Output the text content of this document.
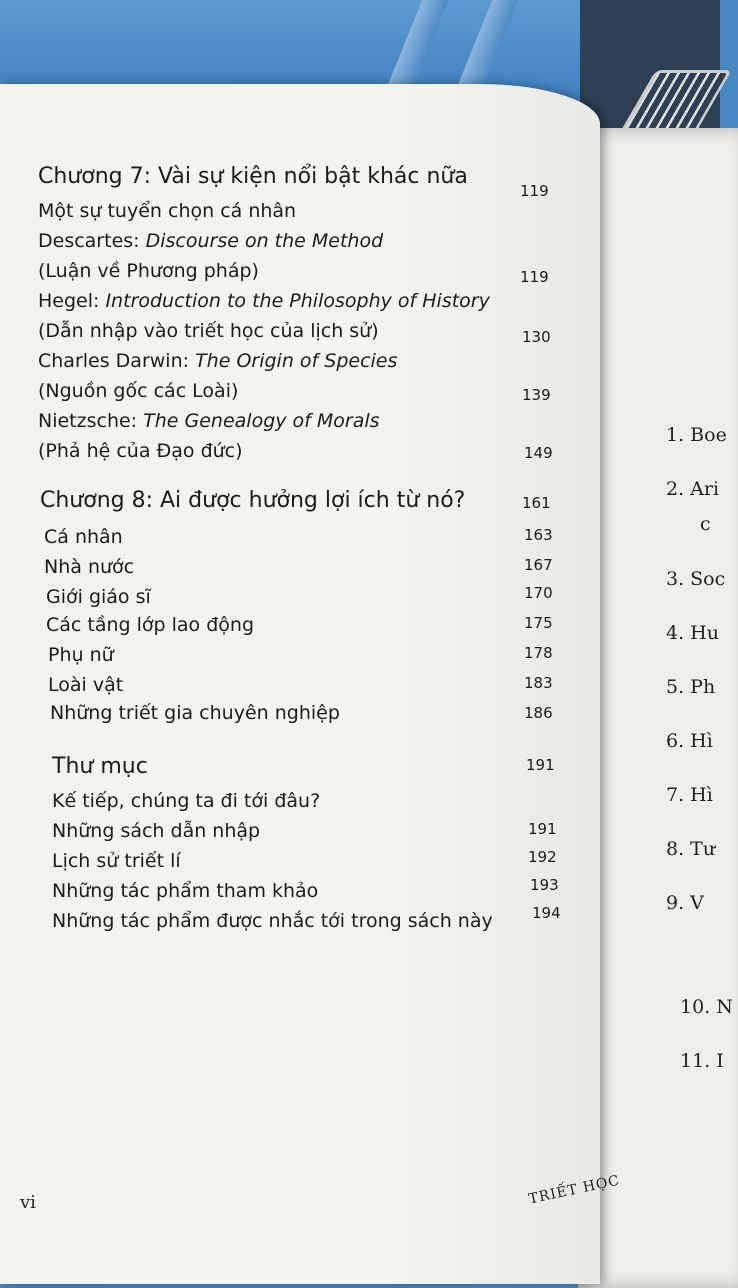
1. Boe
2. Ari
c
3. Soc
4. Hu
5. Ph
6. Hì
7. Hì
8. Tư
9. V
10. N
11. I
Chương 7: Vài sự kiện nổi bật khác nữa
Một sự tuyển chọn cá nhân
Descartes: Discourse on the Method
(Luận về Phương pháp)
Hegel: Introduction to the Philosophy of History
(Dẫn nhập vào triết học của lịch sử)
Charles Darwin: The Origin of Species
(Nguồn gốc các Loài)
Nietzsche: The Genealogy of Morals
(Phả hệ của Đạo đức)
Chương 8: Ai được hưởng lợi ích từ nó?
Cá nhân
Nhà nước
Giới giáo sĩ
Các tầng lớp lao động
Phụ nữ
Loài vật
Những triết gia chuyên nghiệp
Thư mục
Kế tiếp, chúng ta đi tới đâu?
Những sách dẫn nhập
Lịch sử triết lí
Những tác phẩm tham khảo
Những tác phẩm được nhắc tới trong sách này
119
119
130
139
149
161
163
167
170
175
178
183
186
191
191
192
193
194
vi	TRIẾT HỌC
